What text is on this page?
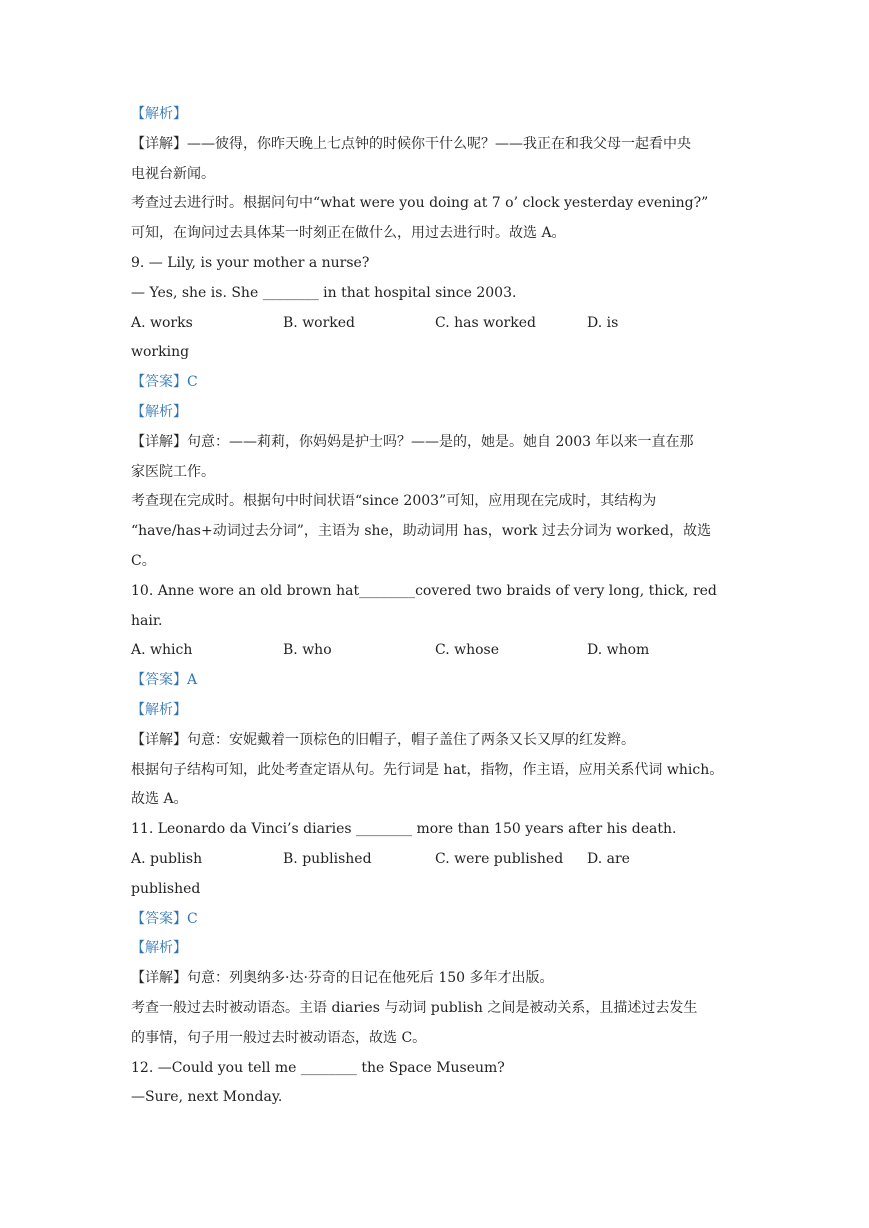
【解析】
【详解】——彼得，你昨天晚上七点钟的时候你干什么呢？——我正在和我父母一起看中央
电视台新闻。
考查过去进行时。根据问句中“what were you doing at 7 o’ clock yesterday evening?”
可知，在询问过去具体某一时刻正在做什么，用过去进行时。故选 A。
9. — Lily, is your mother a nurse?
— Yes, she is. She ________ in that hospital since 2003.
A. works	B. worked	C. has worked	D. is
working
【答案】C
【解析】
【详解】句意：——莉莉，你妈妈是护士吗？——是的，她是。她自 2003 年以来一直在那
家医院工作。
考查现在完成时。根据句中时间状语“since 2003”可知，应用现在完成时，其结构为
“have/has+动词过去分词”，主语为 she，助动词用 has，work 过去分词为 worked，故选
C。
10. Anne wore an old brown hat________covered two braids of very long, thick, red
hair.
A. which	B. who	C. whose	D. whom
【答案】A
【解析】
【详解】句意：安妮戴着一顶棕色的旧帽子，帽子盖住了两条又长又厚的红发辫。
根据句子结构可知，此处考查定语从句。先行词是 hat，指物，作主语，应用关系代词 which。
故选 A。
11. Leonardo da Vinci’s diaries ________ more than 150 years after his death.
A. publish	B. published	C. were published	D. are
published
【答案】C
【解析】
【详解】句意：列奥纳多·达·芬奇的日记在他死后 150 多年才出版。
考查一般过去时被动语态。主语 diaries 与动词 publish 之间是被动关系，且描述过去发生
的事情，句子用一般过去时被动语态，故选 C。
12. —Could you tell me ________ the Space Museum?
—Sure, next Monday.
